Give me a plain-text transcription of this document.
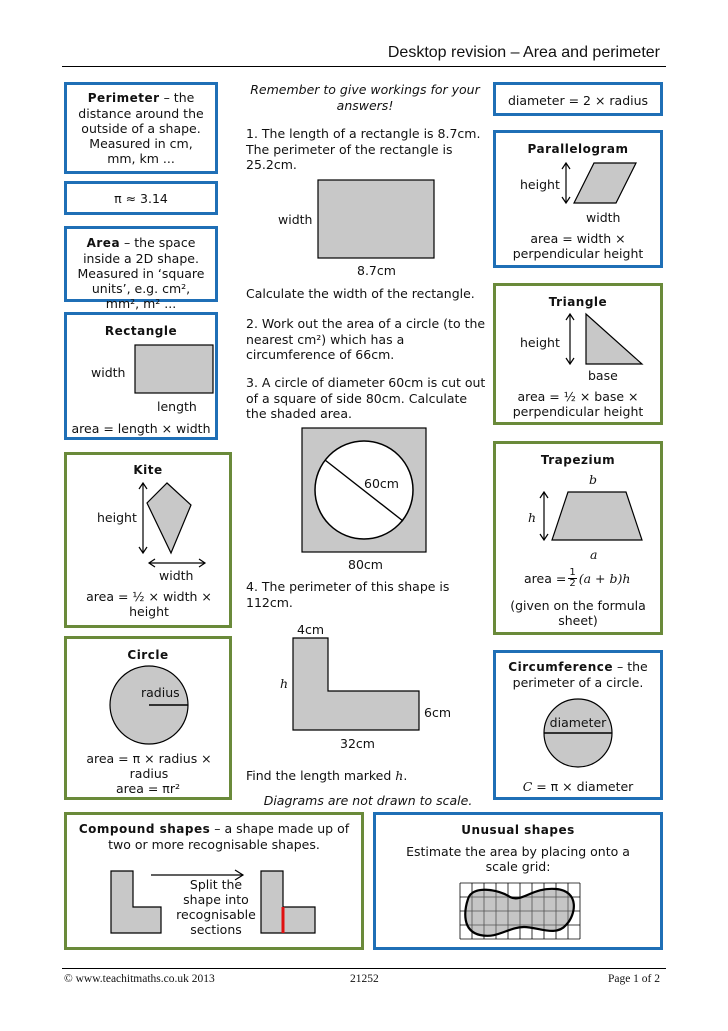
Desktop revision – Area and perimeter
Perimeter – the distance around the outside of a shape. Measured in cm, mm, km ...
π ≈ 3.14
Area – the space inside a 2D shape. Measured in ‘square units’, e.g. cm², mm², m² ...
Rectangle
width
length
area = length × width
Kite
height
width
area = ½ × width × height
Circle
radius
area = π × radius × radius
area = πr²
Remember to give workings for your answers!
1. The length of a rectangle is 8.7cm. The perimeter of the rectangle is 25.2cm.
width
8.7cm
Calculate the width of the rectangle.
2. Work out the area of a circle (to the nearest cm²) which has a circumference of 66cm.
3. A circle of diameter 60cm is cut out of a square of side 80cm. Calculate the shaded area.
60cm
80cm
4. The perimeter of this shape is 112cm.
4cm
h
6cm
32cm
Find the length marked h.
Diagrams are not drawn to scale.
diameter = 2 × radius
Parallelogram
height
width
area = width × perpendicular height
Triangle
height
base
area = ½ × base × perpendicular height
Trapezium
b
h
a
area = $\frac{1}{2} (a + b)h$
(given on the formula sheet)
Circumference – the perimeter of a circle.
diameter
C = π × diameter
Compound shapes – a shape made up of two or more recognisable shapes.
Split the shape into recognisable sections
Unusual shapes
Estimate the area by placing onto a scale grid:
© www.teachitmaths.co.uk 2013	21252	Page 1 of 2
